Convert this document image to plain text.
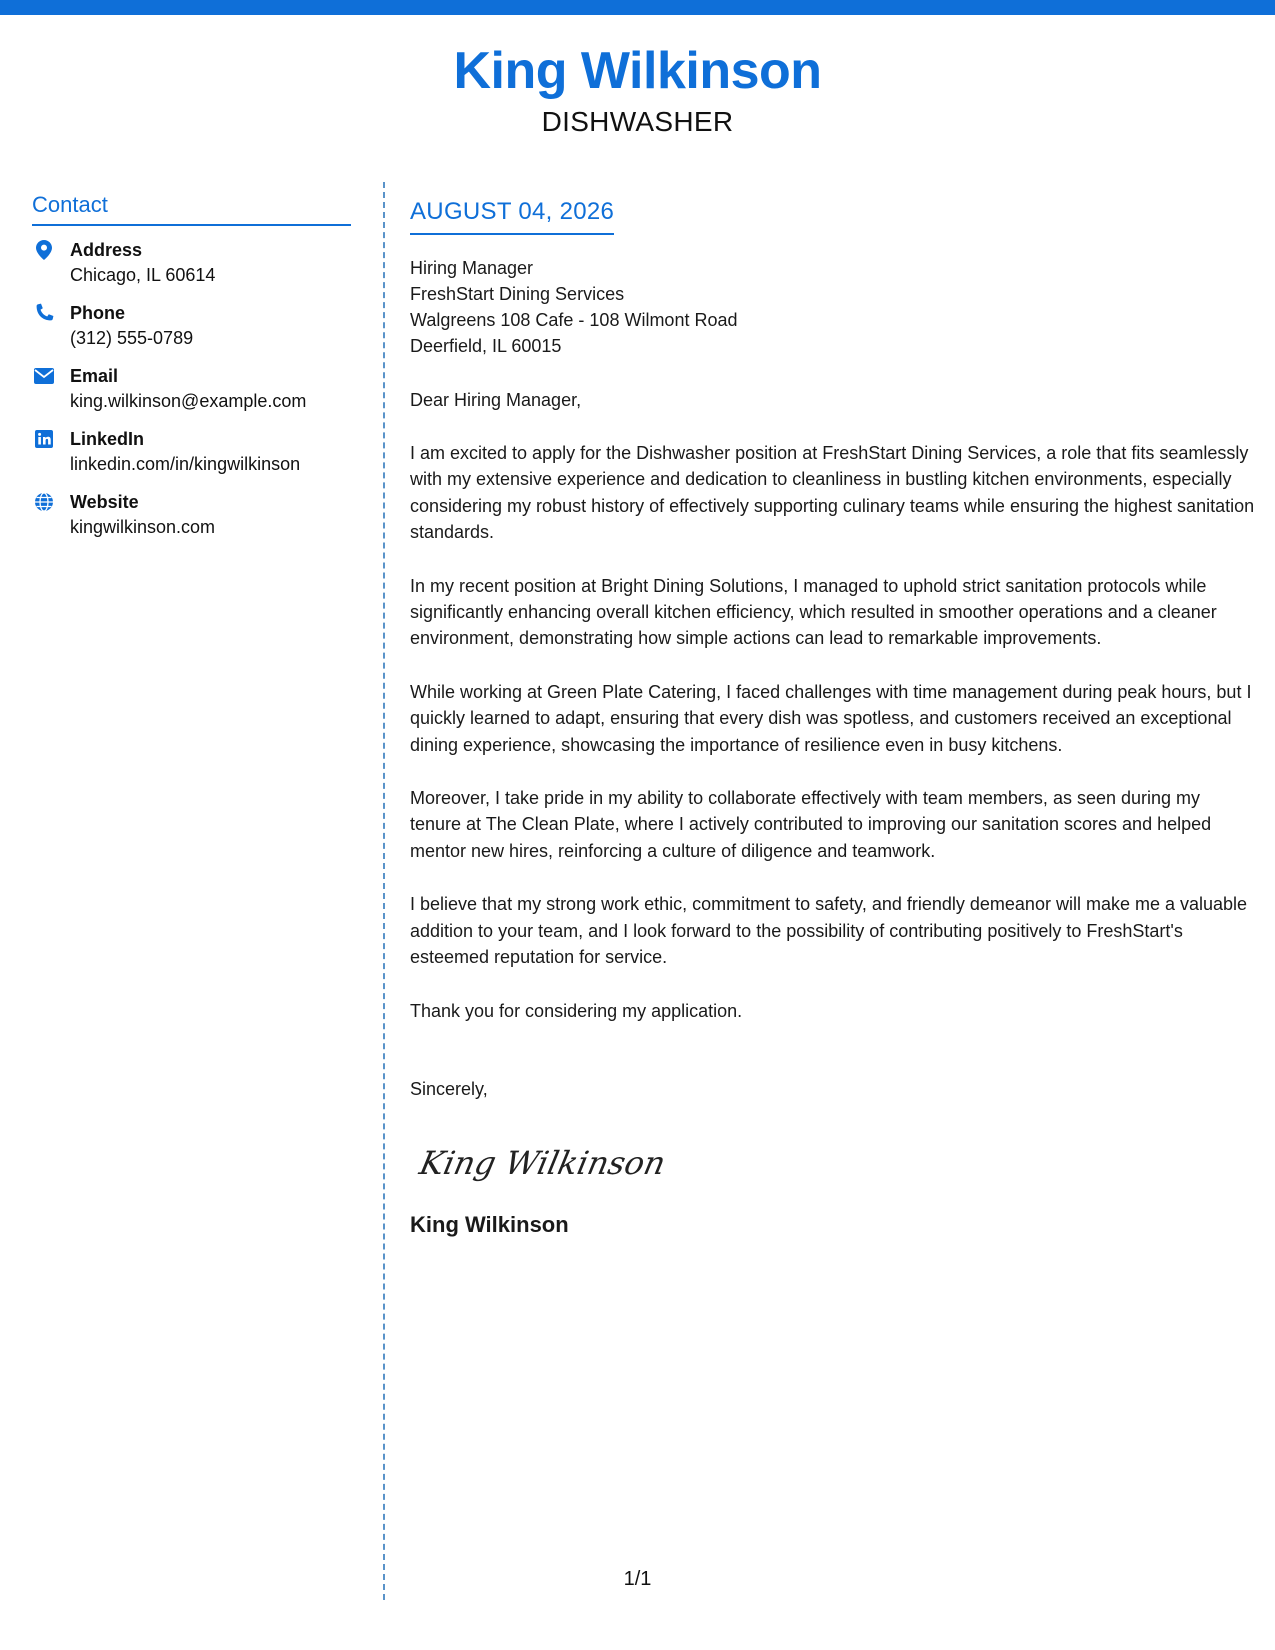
King Wilkinson
DISHWASHER
Contact
Address
Chicago, IL 60614
Phone
(312) 555-0789
Email
king.wilkinson@example.com
LinkedIn
linkedin.com/in/kingwilkinson
Website
kingwilkinson.com
AUGUST 04, 2026
Hiring Manager
FreshStart Dining Services
Walgreens 108 Cafe - 108 Wilmont Road
Deerfield, IL 60015
Dear Hiring Manager,
I am excited to apply for the Dishwasher position at FreshStart Dining Services, a role that fits seamlessly with my extensive experience and dedication to cleanliness in bustling kitchen environments, especially considering my robust history of effectively supporting culinary teams while ensuring the highest sanitation standards.
In my recent position at Bright Dining Solutions, I managed to uphold strict sanitation protocols while significantly enhancing overall kitchen efficiency, which resulted in smoother operations and a cleaner environment, demonstrating how simple actions can lead to remarkable improvements.
While working at Green Plate Catering, I faced challenges with time management during peak hours, but I quickly learned to adapt, ensuring that every dish was spotless, and customers received an exceptional dining experience, showcasing the importance of resilience even in busy kitchens.
Moreover, I take pride in my ability to collaborate effectively with team members, as seen during my tenure at The Clean Plate, where I actively contributed to improving our sanitation scores and helped mentor new hires, reinforcing a culture of diligence and teamwork.
I believe that my strong work ethic, commitment to safety, and friendly demeanor will make me a valuable addition to your team, and I look forward to the possibility of contributing positively to FreshStart's esteemed reputation for service.
Thank you for considering my application.
Sincerely,
King Wilkinson
King Wilkinson
1/1
